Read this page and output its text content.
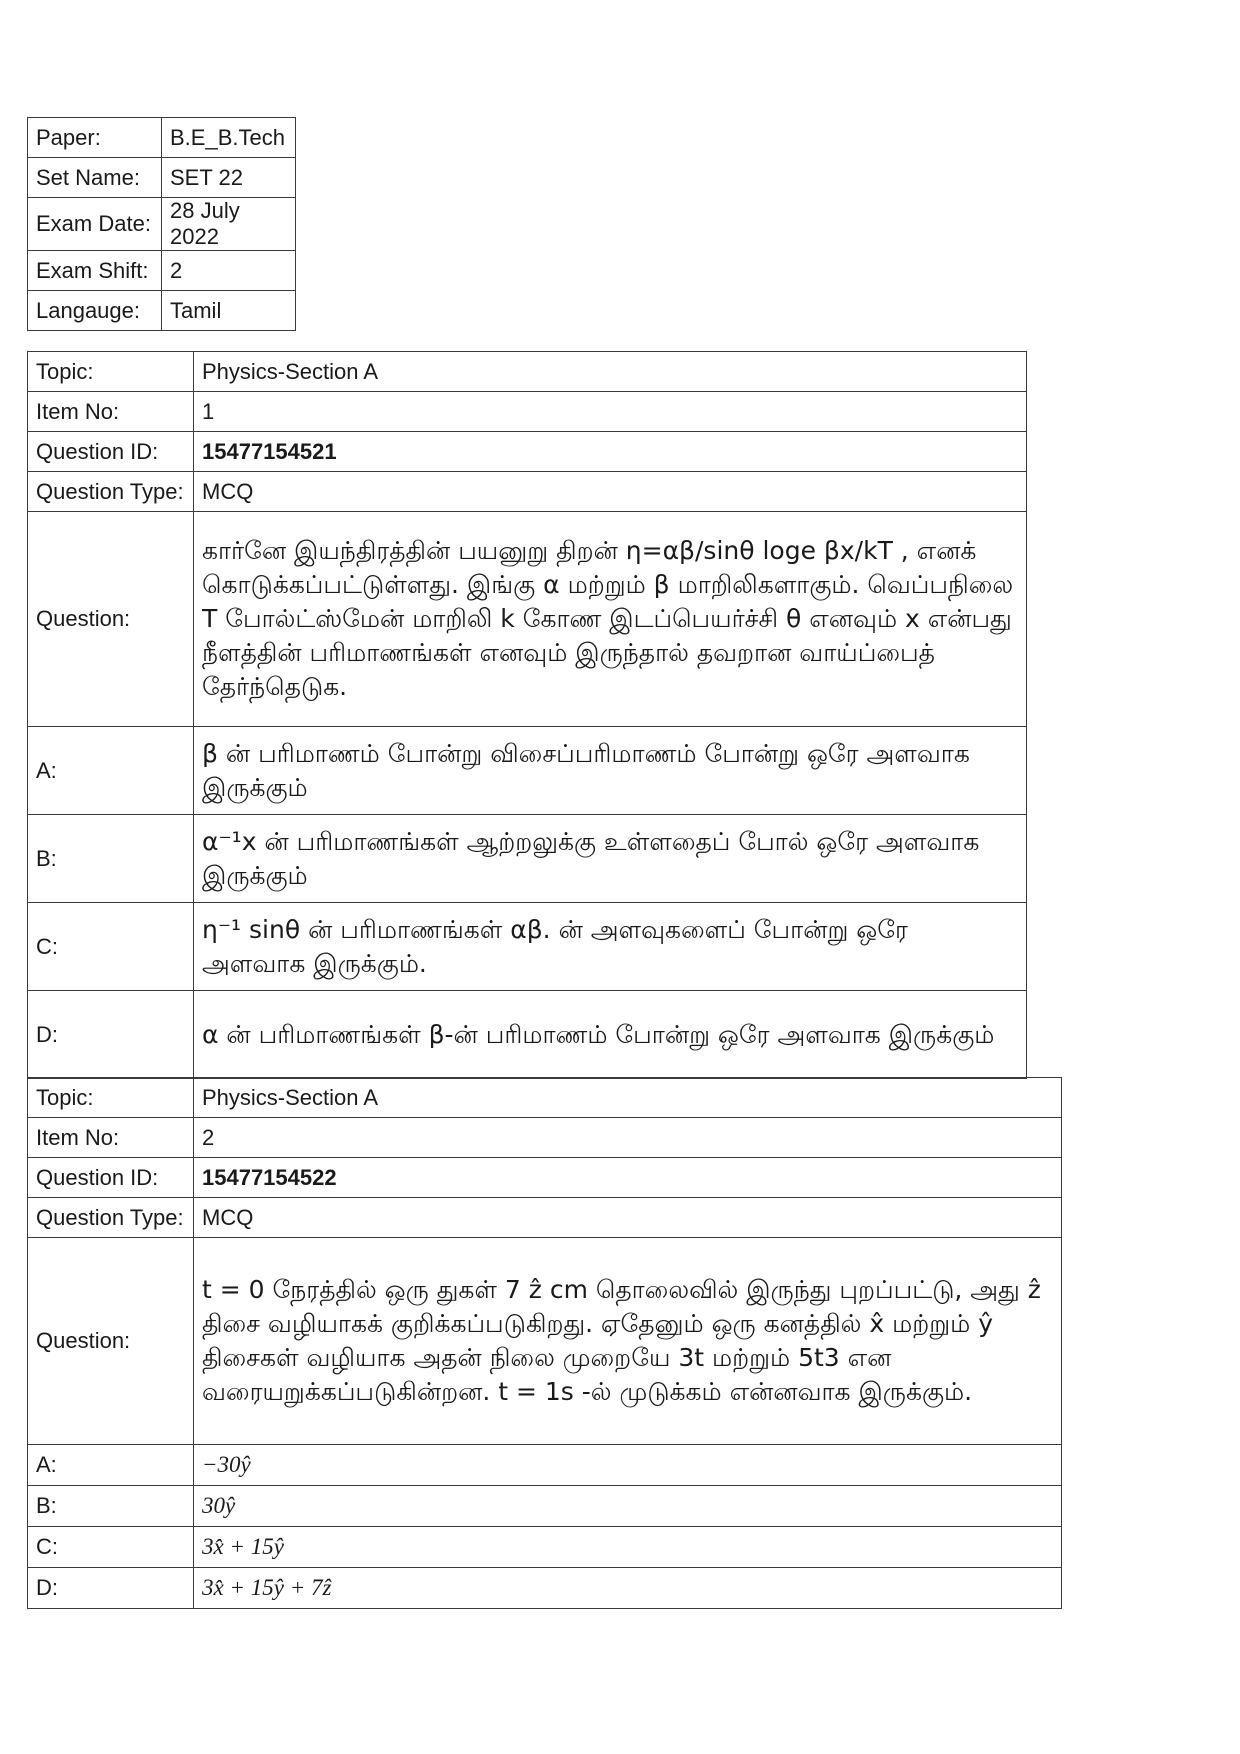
Paper:	B.E_B.Tech
Set Name:	SET 22
Exam Date:	28 July 2022
Exam Shift:	2
Langauge:	Tamil
Topic:	Physics-Section A
Item No:	1
Question ID:	15477154521
Question Type:	MCQ
Question:	கார்னே இயந்திரத்தின் பயனுறு திறன் η=αβ/sinθ loge βx/kT , எனக் கொடுக்கப்பட்டுள்ளது. இங்கு α மற்றும் β மாறிலிகளாகும். வெப்பநிலை T போல்ட்ஸ்மேன் மாறிலி k கோண இடப்பெயர்ச்சி θ எனவும் x என்பது நீளத்தின் பரிமாணங்கள் எனவும் இருந்தால் தவறான வாய்ப்பைத் தேர்ந்தெடுக.
A:	β ன் பரிமாணம் போன்று விசைப்பரிமாணம் போன்று ஒரே அளவாக இருக்கும்
B:	α⁻¹x ன் பரிமாணங்கள் ஆற்றலுக்கு உள்ளதைப் போல் ஒரே அளவாக இருக்கும்
C:	η⁻¹ sinθ ன் பரிமாணங்கள் αβ. ன் அளவுகளைப் போன்று ஒரே அளவாக இருக்கும்.
D:	α ன் பரிமாணங்கள் β-ன் பரிமாணம் போன்று ஒரே அளவாக இருக்கும்
Topic:	Physics-Section A
Item No:	2
Question ID:	15477154522
Question Type:	MCQ
Question:	t = 0 நேரத்தில் ஒரு துகள் 7 ẑ cm தொலைவில் இருந்து புறப்பட்டு, அது ẑ திசை வழியாகக் குறிக்கப்படுகிறது. ஏதேனும் ஒரு கனத்தில் x̂ மற்றும் ŷ திசைகள் வழியாக அதன் நிலை முறையே 3t மற்றும் 5t3 என வரையறுக்கப்படுகின்றன. t = 1s -ல் முடுக்கம் என்னவாக இருக்கும்.
A:	−30ŷ
B:	30ŷ
C:	3x̂ + 15ŷ
D:	3x̂ + 15ŷ + 7ẑ
